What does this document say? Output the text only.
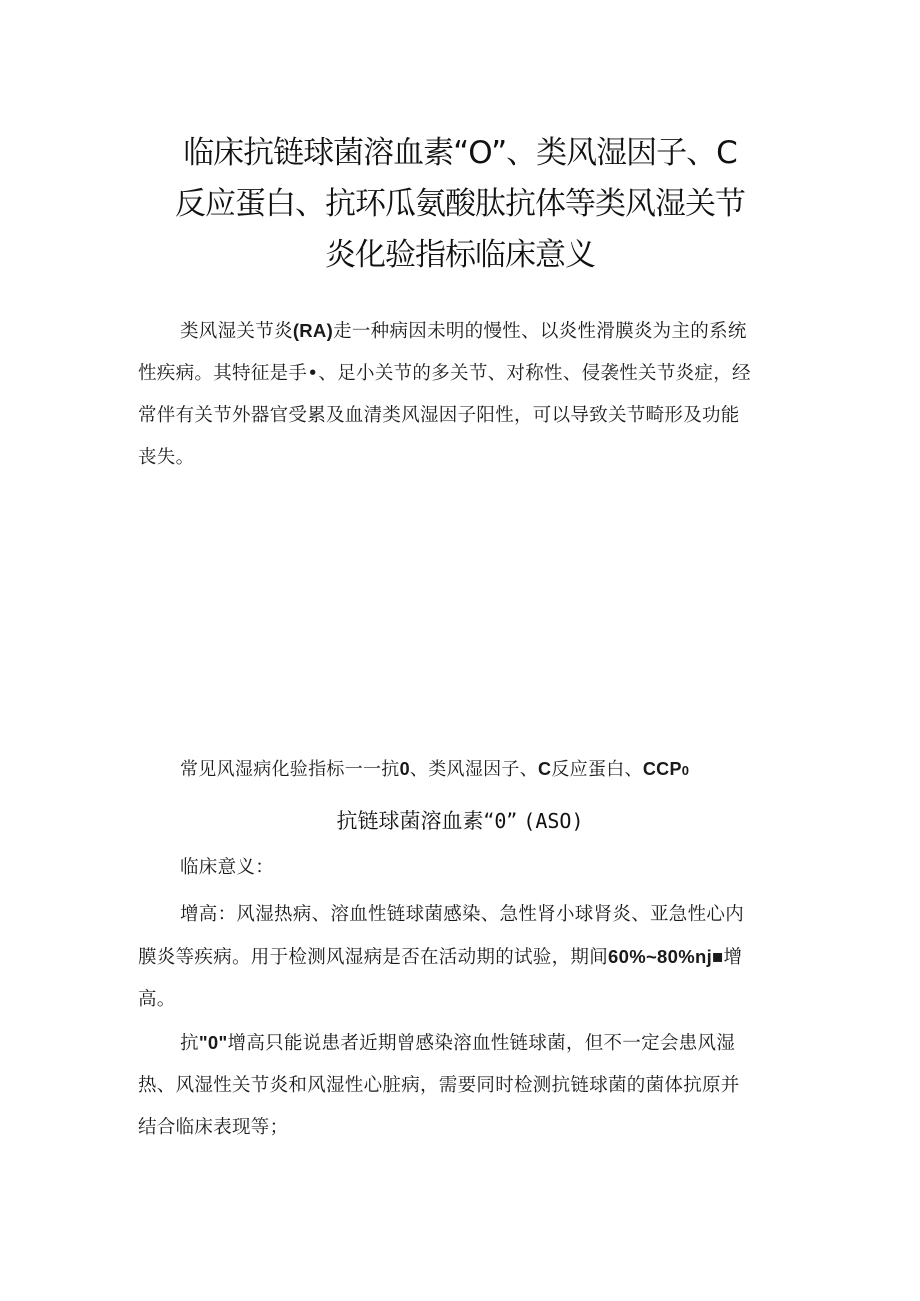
临床抗链球菌溶血素“O”、类风湿因子、C
反应蛋白、抗环瓜氨酸肽抗体等类风湿关节
炎化验指标临床意义
类风湿关节炎(RA)走一种病因未明的慢性、以炎性滑膜炎为主的系统
性疾病。其特征是手•、足小关节的多关节、对称性、侵袭性关节炎症，经
常伴有关节外器官受累及血清类风湿因子阳性，可以导致关节畸形及功能
丧失。
常见风湿病化验指标一一抗0、类风湿因子、C反应蛋白、CCP0
抗链球菌溶血素“0” (ASO)
临床意义：
增高：风湿热病、溶血性链球菌感染、急性肾小球肾炎、亚急性心内
膜炎等疾病。用于检测风湿病是否在活动期的试验，期间60%~80%nj■增
高。
抗"0"增高只能说患者近期曾感染溶血性链球菌，但不一定会患风湿
热、风湿性关节炎和风湿性心脏病，需要同时检测抗链球菌的菌体抗原并
结合临床表现等；
